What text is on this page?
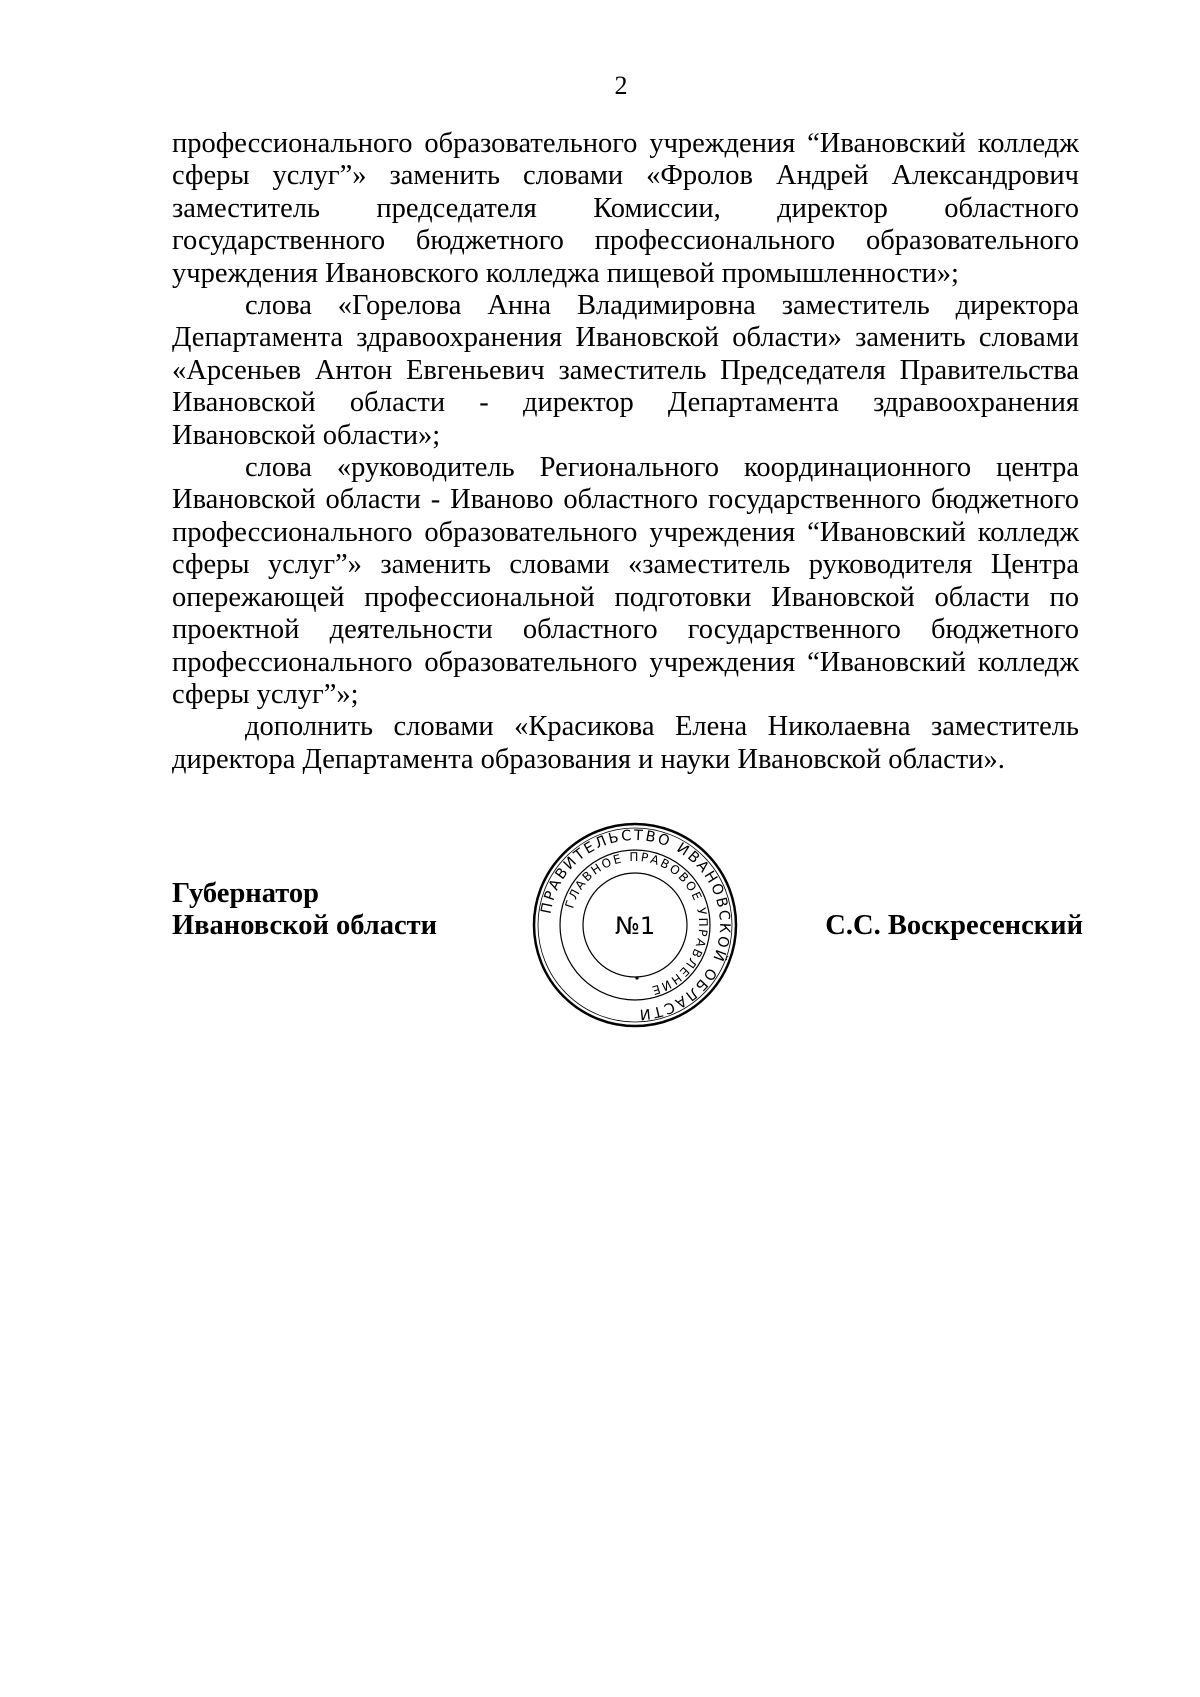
2

профессионального образовательного учреждения “Ивановский колледж сферы услуг”» заменить словами «Фролов Андрей Александрович заместитель председателя Комиссии, директор областного государственного бюджетного профессионального образовательного учреждения Ивановского колледжа пищевой промышленности»;

слова «Горелова Анна Владимировна заместитель директора Департамента здравоохранения Ивановской области» заменить словами «Арсеньев Антон Евгеньевич заместитель Председателя Правительства Ивановской области - директор Департамента здравоохранения Ивановской области»;

слова «руководитель Регионального координационного центра Ивановской области - Иваново областного государственного бюджетного профессионального образовательного учреждения “Ивановский колледж сферы услуг”» заменить словами «заместитель руководителя Центра опережающей профессиональной подготовки Ивановской области по проектной деятельности областного государственного бюджетного профессионального образовательного учреждения “Ивановский колледж сферы услуг”»;

дополнить словами «Красикова Елена Николаевна заместитель директора Департамента образования и науки Ивановской области».

Губернатор
Ивановской области
ПРАВИТЕЛЬСТВО ИВАНОВСКОЙ ОБЛАСТИ
ГЛАВНОЕ ПРАВОВОЕ УПРАВЛЕНИЕ
№1	С.С. Воскресенский
